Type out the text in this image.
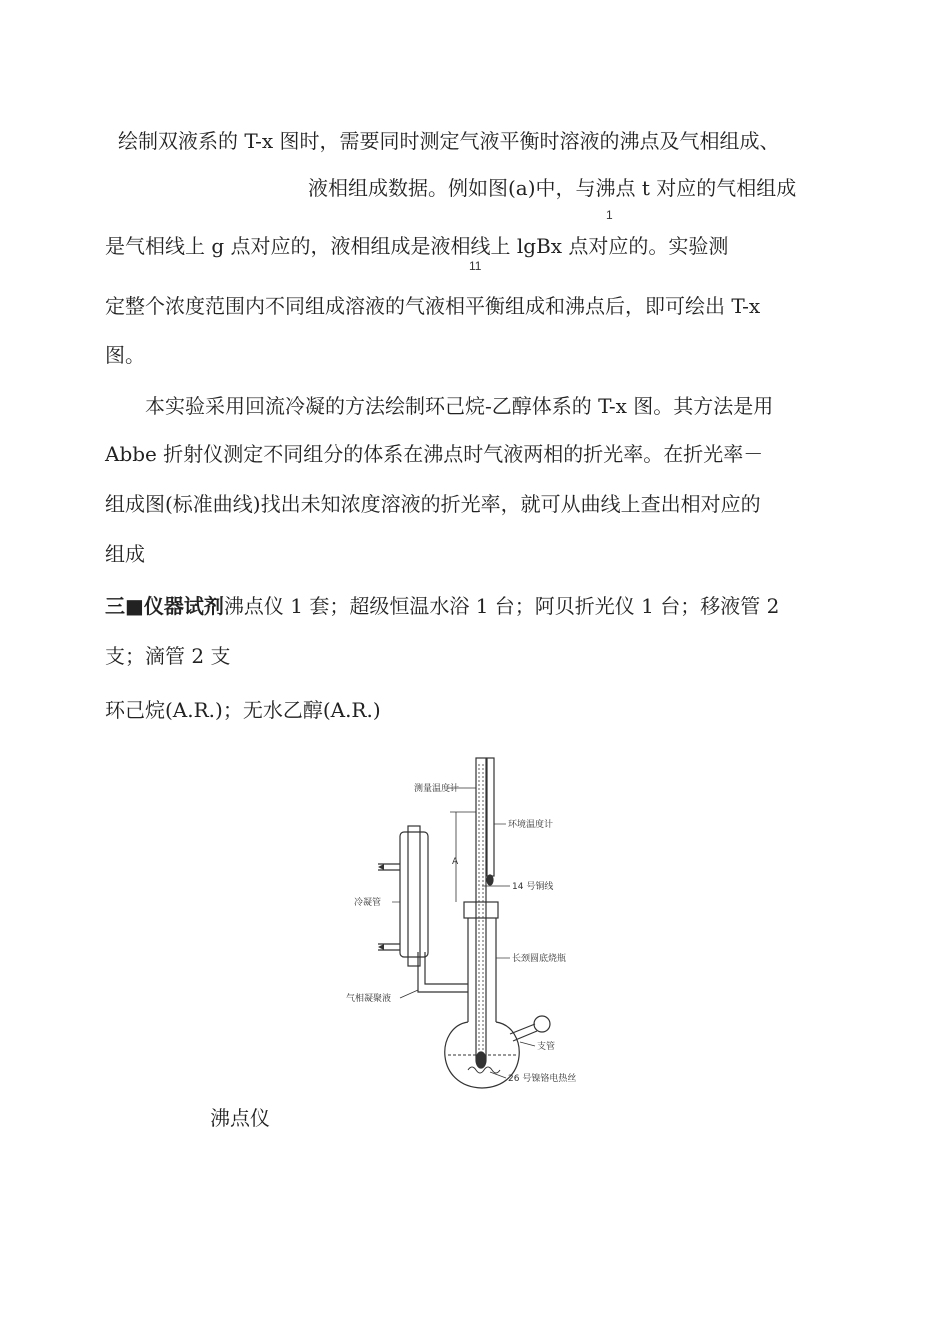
绘制双液系的 T-x 图时，需要同时测定气液平衡时溶液的沸点及气相组成、
液相组成数据。例如图(a)中，与沸点 t 对应的气相组成
1
是气相线上 g 点对应的，液相组成是液相线上 lgBx 点对应的。实验测
11
定整个浓度范围内不同组成溶液的气液相平衡组成和沸点后，即可绘出 T-x
图。
本实验采用回流冷凝的方法绘制环己烷-乙醇体系的 T-x 图。其方法是用
Abbe 折射仪测定不同组分的体系在沸点时气液两相的折光率。在折光率－
组成图(标准曲线)找出未知浓度溶液的折光率，就可从曲线上查出相对应的
组成
三■仪器试剂沸点仪 1 套；超级恒温水浴 1 台；阿贝折光仪 1 台；移液管 2
支；滴管 2 支
环己烷(A.R.)；无水乙醇(A.R.)
测量温度计
环境温度计
A
14 号铜线
冷凝管
长颈圆底烧瓶
气相凝聚液
支管
26 号镍铬电热丝
沸点仪
